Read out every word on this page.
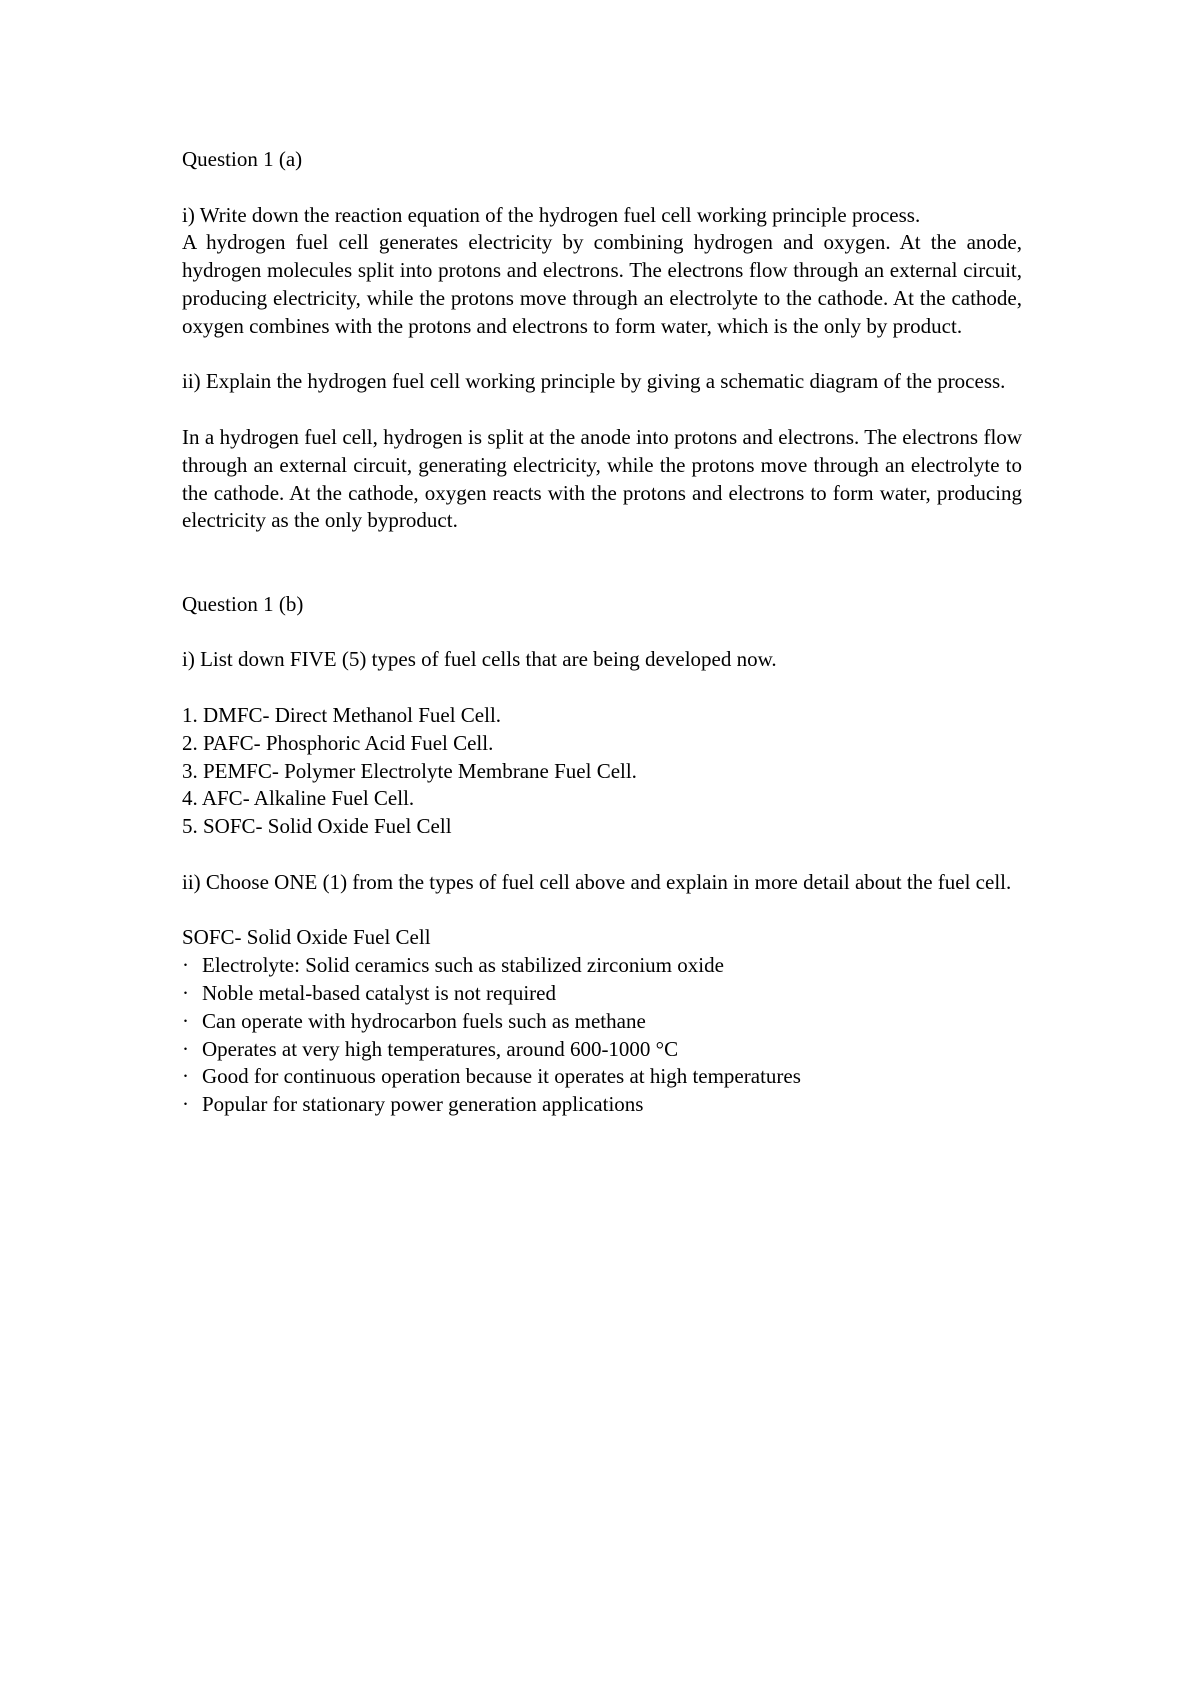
Question 1 (a)

i) Write down the reaction equation of the hydrogen fuel cell working principle process.

A hydrogen fuel cell generates electricity by combining hydrogen and oxygen. At the anode, hydrogen molecules split into protons and electrons. The electrons flow through an external circuit, producing electricity, while the protons move through an electrolyte to the cathode. At the cathode, oxygen combines with the protons and electrons to form water, which is the only by product.

ii) Explain the hydrogen fuel cell working principle by giving a schematic diagram of the process.

In a hydrogen fuel cell, hydrogen is split at the anode into protons and electrons. The electrons flow through an external circuit, generating electricity, while the protons move through an electrolyte to the cathode. At the cathode, oxygen reacts with the protons and electrons to form water, producing electricity as the only byproduct.

Question 1 (b)

i) List down FIVE (5) types of fuel cells that are being developed now.

1. DMFC- Direct Methanol Fuel Cell.

2. PAFC- Phosphoric Acid Fuel Cell.

3. PEMFC- Polymer Electrolyte Membrane Fuel Cell.

4. AFC- Alkaline Fuel Cell.

5. SOFC- Solid Oxide Fuel Cell

ii) Choose ONE (1) from the types of fuel cell above and explain in more detail about the fuel cell.

SOFC- Solid Oxide Fuel Cell

· Electrolyte: Solid ceramics such as stabilized zirconium oxide
· Noble metal-based catalyst is not required
· Can operate with hydrocarbon fuels such as methane
· Operates at very high temperatures, around 600-1000 °C
· Good for continuous operation because it operates at high temperatures
· Popular for stationary power generation applications
